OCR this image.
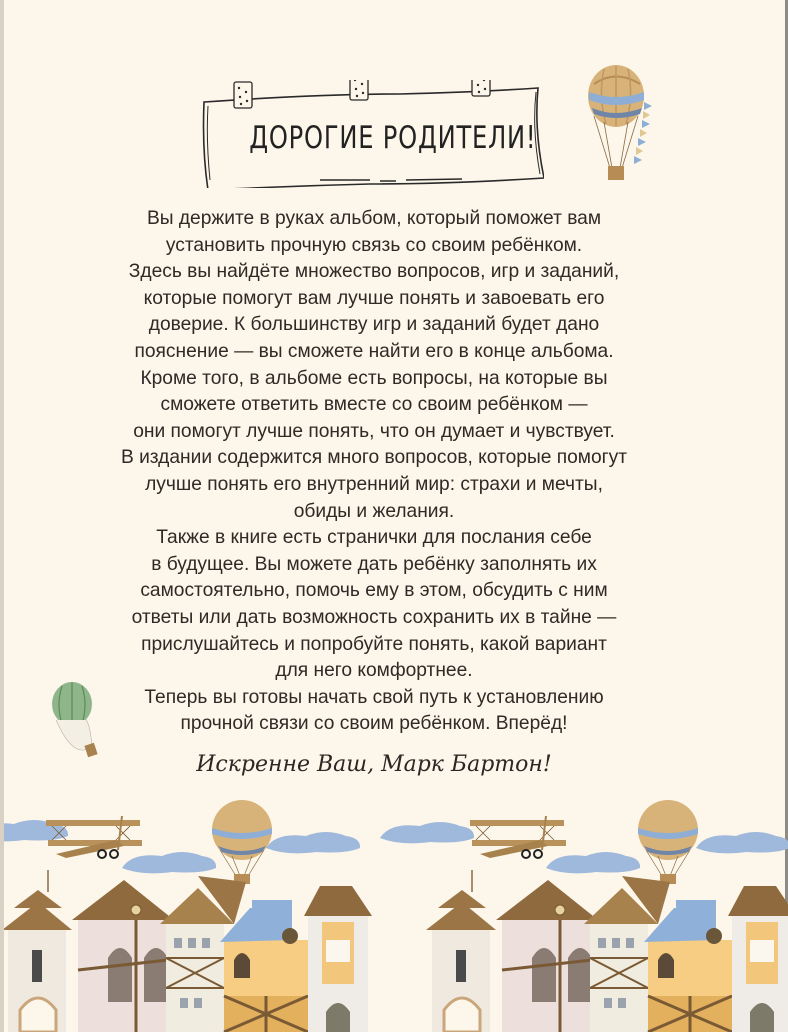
ДОРОГИЕ РОДИТЕЛИ!

Вы держите в руках альбом, который поможет вам

установить прочную связь со своим ребёнком.

Здесь вы найдёте множество вопросов, игр и заданий,

которые помогут вам лучше понять и завоевать его

доверие. К большинству игр и заданий будет дано

пояснение — вы сможете найти его в конце альбома.

Кроме того, в альбоме есть вопросы, на которые вы

сможете ответить вместе со своим ребёнком —

они помогут лучше понять, что он думает и чувствует.

В издании содержится много вопросов, которые помогут

лучше понять его внутренний мир: страхи и мечты,

обиды и желания.

Также в книге есть странички для послания себе

в будущее. Вы можете дать ребёнку заполнять их

самостоятельно, помочь ему в этом, обсудить с ним

ответы или дать возможность сохранить их в тайне —

прислушайтесь и попробуйте понять, какой вариант

для него комфортнее.

Теперь вы готовы начать свой путь к установлению

прочной связи со своим ребёнком. Вперёд!

Искренне Ваш, Марк Бартон!
